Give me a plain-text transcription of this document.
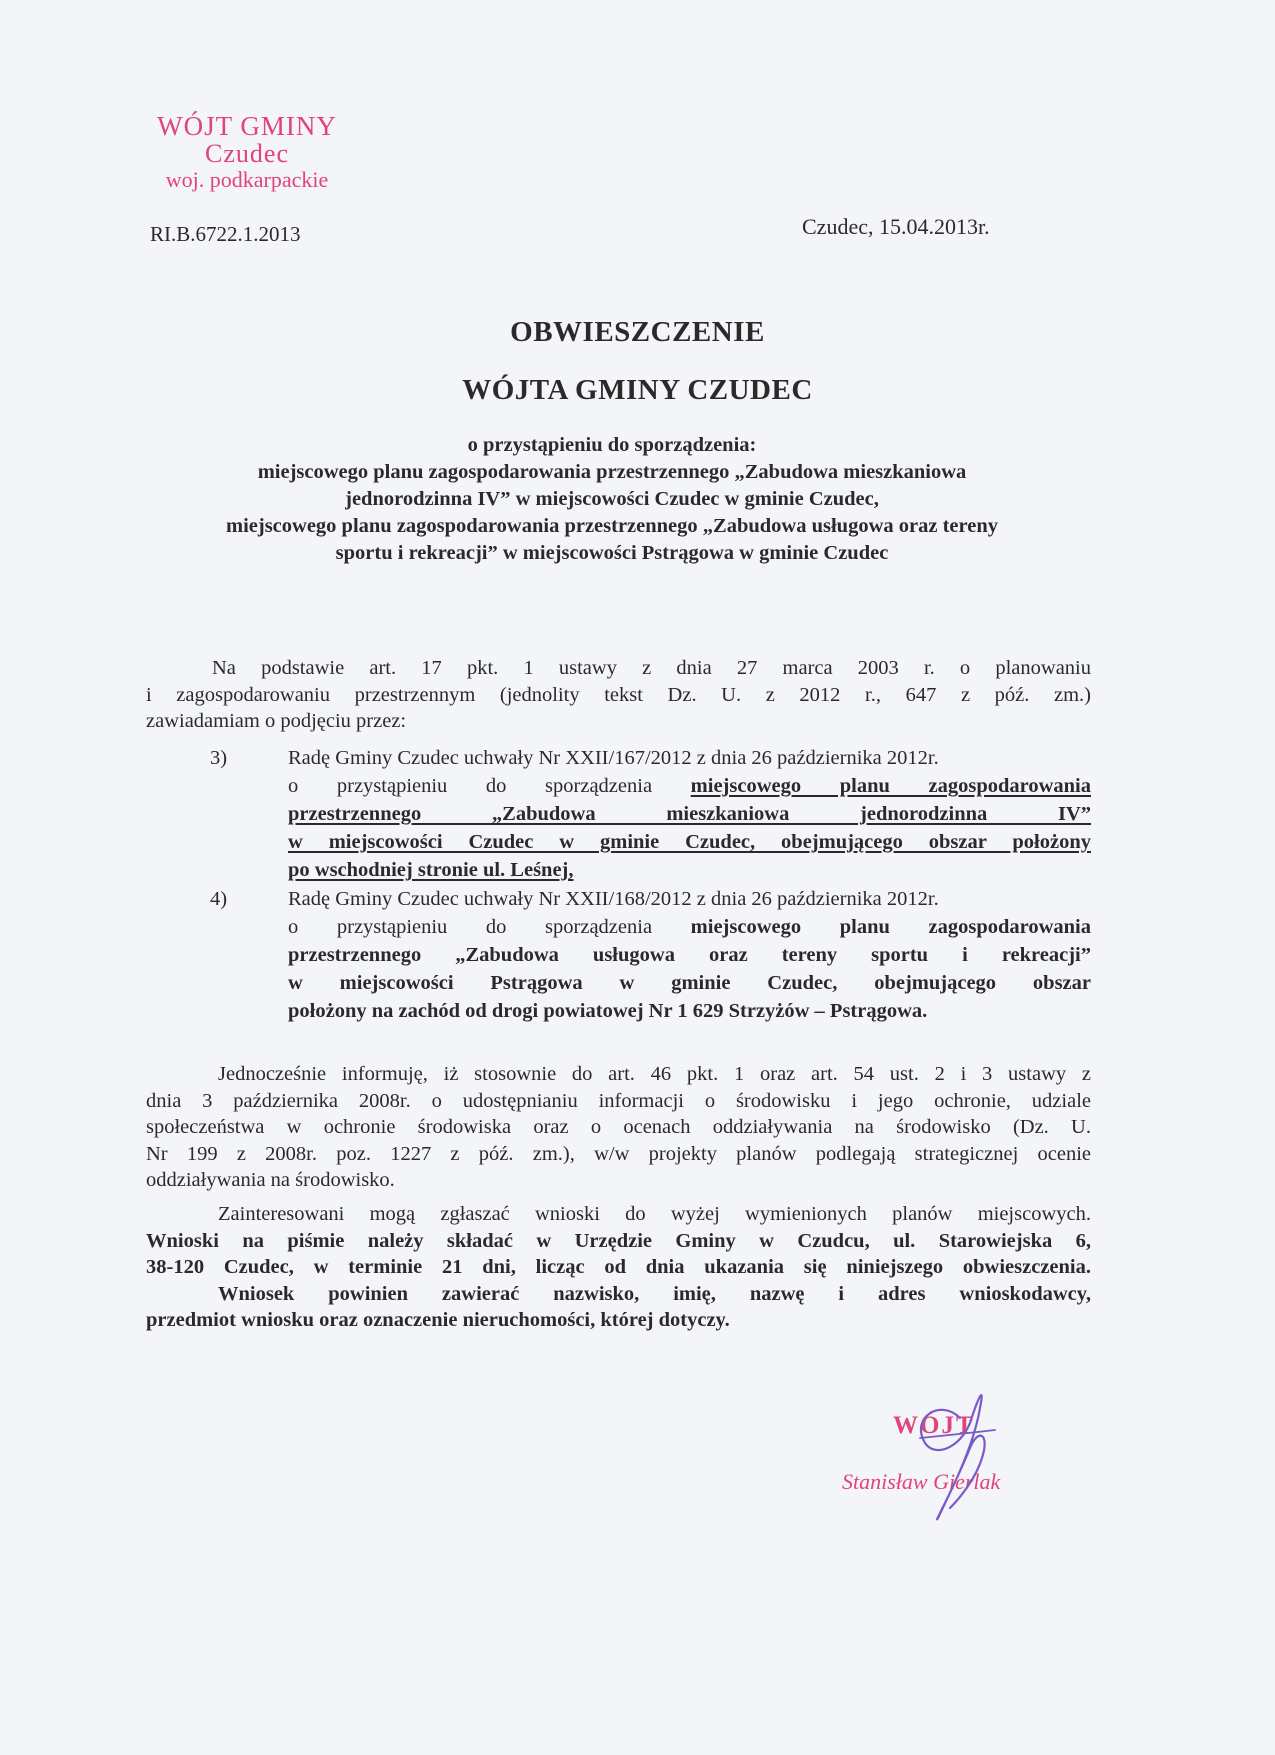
WÓJT GMINY
Czudec
woj. podkarpackie
RI.B.6722.1.2013	Czudec, 15.04.2013r.
OBWIESZCZENIE
WÓJTA GMINY CZUDEC
o przystąpieniu do sporządzenia:
miejscowego planu zagospodarowania przestrzennego „Zabudowa mieszkaniowa
jednorodzinna IV” w miejscowości Czudec w gminie Czudec,
miejscowego planu zagospodarowania przestrzennego „Zabudowa usługowa oraz tereny
sportu i rekreacji” w miejscowości Pstrągowa w gminie Czudec
Na podstawie art. 17 pkt. 1 ustawy z dnia 27 marca 2003 r. o planowaniu
i zagospodarowaniu przestrzennym (jednolity tekst Dz. U. z 2012 r., 647 z póź. zm.)
zawiadamiam o podjęciu przez:
3)	Radę Gminy Czudec uchwały Nr XXII/167/2012 z dnia 26 października 2012r.
o przystąpieniu do sporządzenia miejscowego planu zagospodarowania
przestrzennego „Zabudowa mieszkaniowa jednorodzinna IV”
w miejscowości Czudec w gminie Czudec, obejmującego obszar położony
po wschodniej stronie ul. Leśnej,
4)	Radę Gminy Czudec uchwały Nr XXII/168/2012 z dnia 26 października 2012r.
o przystąpieniu do sporządzenia miejscowego planu zagospodarowania
przestrzennego „Zabudowa usługowa oraz tereny sportu i rekreacji”
w miejscowości Pstrągowa w gminie Czudec, obejmującego obszar
położony na zachód od drogi powiatowej Nr 1 629 Strzyżów – Pstrągowa.
Jednocześnie informuję, iż stosownie do art. 46 pkt. 1 oraz art. 54 ust. 2 i 3 ustawy z
dnia 3 października 2008r. o udostępnianiu informacji o środowisku i jego ochronie, udziale
społeczeństwa w ochronie środowiska oraz o ocenach oddziaływania na środowisko (Dz. U.
Nr 199 z 2008r. poz. 1227 z póź. zm.), w/w projekty planów podlegają strategicznej ocenie
oddziaływania na środowisko.
Zainteresowani mogą zgłaszać wnioski do wyżej wymienionych planów miejscowych.
Wnioski na piśmie należy składać w Urzędzie Gminy w Czudcu, ul. Starowiejska 6,
38-120 Czudec, w terminie 21 dni, licząc od dnia ukazania się niniejszego obwieszczenia.
Wniosek powinien zawierać nazwisko, imię, nazwę i adres wnioskodawcy,
przedmiot wniosku oraz oznaczenie nieruchomości, której dotyczy.
WÓJT
Stanisław Gierlak
